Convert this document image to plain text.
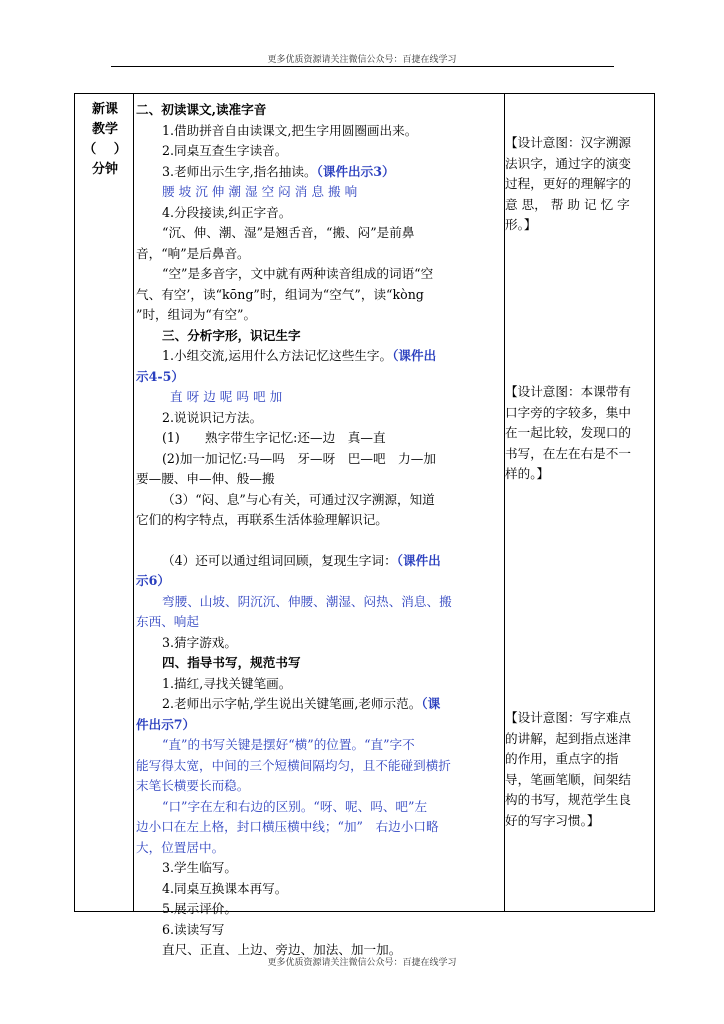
更多优质资源请关注微信公众号：百捷在线学习
新课
教学
（　 ）
分钟
二、初读课文,读准字音
1.借助拼音自由读课文,把生字用圆圈画出来。
2.同桌互查生字读音。
3.老师出示生字,指名抽读。（课件出示3）
腰 坡 沉 伸 潮 湿 空 闷 消 息 搬 响
4.分段接读,纠正字音。
“沉、伸、潮、湿”是翘舌音，“搬、闷”是前鼻
音，“响”是后鼻音。
“空”是多音字，文中就有两种读音组成的词语“空
气、有空’，读“kōng”时，组词为“空气”，读“kòng
”时，组词为“有空”。
三、分析字形，识记生字
1.小组交流,运用什么方法记忆这些生字。（课件出
示4-5）
直 呀 边 呢 吗 吧 加
2.说说识记方法。
(1)　　熟字带生字记忆:还—边　真—直
(2)加一加记忆:马—吗　牙—呀　巴—吧　力—加
要—腰、申—伸、般—搬
（3）“闷、息”与心有关，可通过汉字溯源，知道
它们的构字特点，再联系生活体验理解识记。
（4）还可以通过组词回顾，复现生字词：（课件出
示6）
弯腰、山坡、阴沉沉、伸腰、潮湿、闷热、消息、搬
东西、响起
3.猜字游戏。
四、指导书写，规范书写
1.描红,寻找关键笔画。
2.老师出示字帖,学生说出关键笔画,老师示范。（课
件出示7）
“直”的书写关键是摆好“横”的位置。“直”字不
能写得太宽，中间的三个短横间隔均匀，且不能碰到横折
末笔长横要长而稳。
“口”字在左和右边的区别。“呀、呢、吗、吧”左
边小口在左上格，封口横压横中线；“加”　右边小口略
大，位置居中。
3.学生临写。
4.同桌互换课本再写。
5.展示评价。
6.读读写写
直尺、正直、上边、旁边、加法、加一加。
【设计意图：汉字溯源
法识字，通过字的演变
过程，更好的理解字的
意 思， 帮 助 记 忆 字
形。】
【设计意图：本课带有
口字旁的字较多，集中
在一起比较，发现口的
书写，在左在右是不一
样的。】
【设计意图：写字难点
的讲解，起到指点迷津
的作用，重点字的指
导，笔画笔顺，间架结
构的书写，规范学生良
好的写字习惯。】
更多优质资源请关注微信公众号：百捷在线学习
